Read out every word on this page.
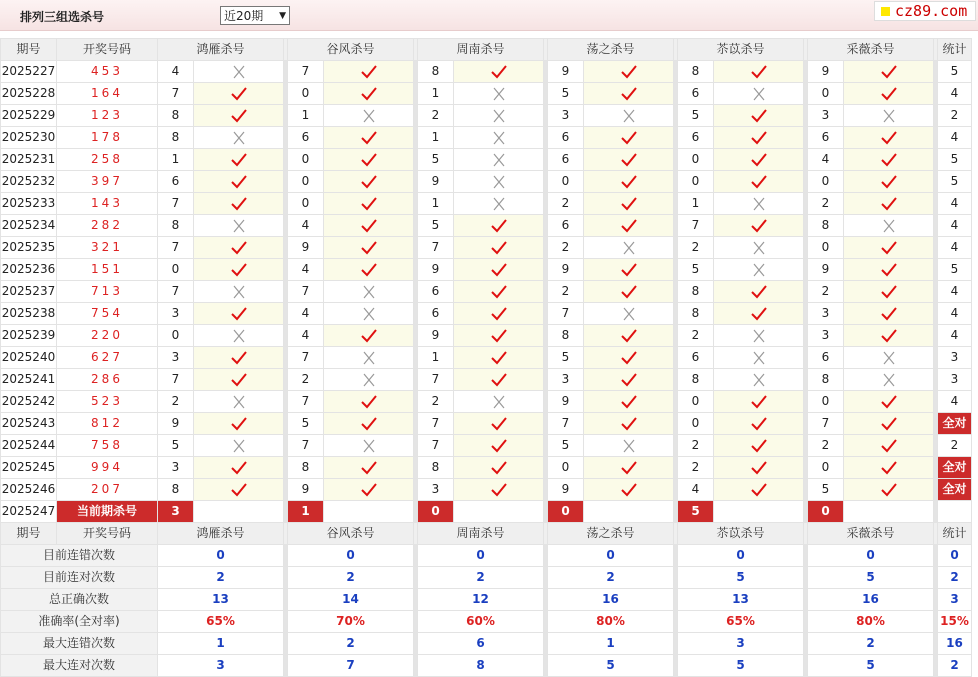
排列三组选杀号	近20期 ▼	cz89.com
期号	开奖号码	鸿雁杀号			谷风杀号			周南杀号			荡之杀号			苶苡杀号			采薇杀号			统计
2025227	453	4			7			8			9			8			9			5
2025228	164	7			0			1			5			6			0			4
2025229	123	8			1			2			3			5			3			2
2025230	178	8			6			1			6			6			6			4
2025231	258	1			0			5			6			0			4			5
2025232	397	6			0			9			0			0			0			5
2025233	143	7			0			1			2			1			2			4
2025234	282	8			4			5			6			7			8			4
2025235	321	7			9			7			2			2			0			4
2025236	151	0			4			9			9			5			9			5
2025237	713	7			7			6			2			8			2			4
2025238	754	3			4			6			7			8			3			4
2025239	220	0			4			9			8			2			3			4
2025240	627	3			7			1			5			6			6			3
2025241	286	7			2			7			3			8			8			3
2025242	523	2			7			2			9			0			0			4
2025243	812	9			5			7			7			0			7			全对
2025244	758	5			7			7			5			2			2			2
2025245	994	3			8			8			0			2			0			全对
2025246	207	8			9			3			9			4			5			全对
2025247	当前期杀号	3			1			0			0			5			0			
期号	开奖号码	鸿雁杀号			谷风杀号			周南杀号			荡之杀号			苶苡杀号			采薇杀号			统计
目前连错次数		0			0			0			0			0			0			0
目前连对次数		2			2			2			2			5			5			2
总正确次数		13			14			12			16			13			16			3
准确率(全对率)		65%			70%			60%			80%			65%			80%			15%
最大连错次数		1			2			6			1			3			2			16
最大连对次数		3			7			8			5			5			5			2
